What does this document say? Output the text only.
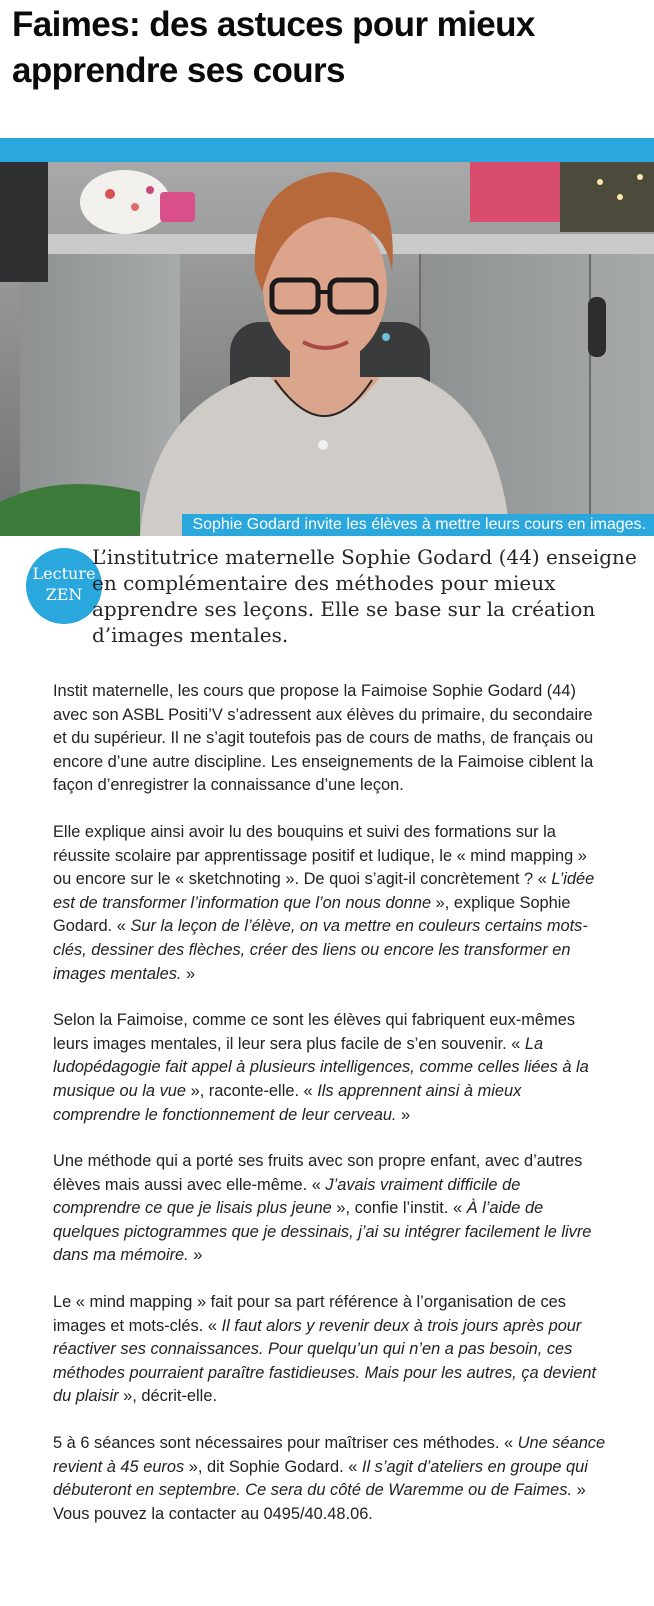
Faimes: des astuces pour mieux apprendre ses cours
Sophie Godard invite les élèves à mettre leurs cours en images.
Lecture
ZEN

L’institutrice maternelle Sophie Godard (44) enseigne en complémentaire des méthodes pour mieux apprendre ses leçons. Elle se base sur la création d’images mentales.

Instit maternelle, les cours que propose la Faimoise Sophie Godard (44) avec son ASBL Positi’V s’adressent aux élèves du primaire, du secondaire et du supérieur. Il ne s’agit toutefois pas de cours de maths, de français ou encore d’une autre discipline. Les enseignements de la Faimoise ciblent la façon d’enregistrer la connaissance d’une leçon.

Elle explique ainsi avoir lu des bouquins et suivi des formations sur la réussite scolaire par apprentissage positif et ludique, le « mind mapping » ou encore sur le « sketchnoting ». De quoi s’agit-il concrètement ? « L’idée est de transformer l’information que l’on nous donne », explique Sophie Godard. « Sur la leçon de l’élève, on va mettre en couleurs certains mots-clés, dessiner des flèches, créer des liens ou encore les transformer en images mentales. »

Selon la Faimoise, comme ce sont les élèves qui fabriquent eux-mêmes leurs images mentales, il leur sera plus facile de s’en souvenir. « La ludopédagogie fait appel à plusieurs intelligences, comme celles liées à la musique ou la vue », raconte-elle. « Ils apprennent ainsi à mieux comprendre le fonctionnement de leur cerveau. »

Une méthode qui a porté ses fruits avec son propre enfant, avec d’autres élèves mais aussi avec elle-même. « J’avais vraiment difficile de comprendre ce que je lisais plus jeune », confie l’instit. « À l’aide de quelques pictogrammes que je dessinais, j’ai su intégrer facilement le livre dans ma mémoire. »

Le « mind mapping » fait pour sa part référence à l’organisation de ces images et mots-clés. « Il faut alors y revenir deux à trois jours après pour réactiver ses connaissances. Pour quelqu’un qui n’en a pas besoin, ces méthodes pourraient paraître fastidieuses. Mais pour les autres, ça devient du plaisir », décrit-elle.

5 à 6 séances sont nécessaires pour maîtriser ces méthodes. « Une séance revient à 45 euros », dit Sophie Godard. « Il s’agit d’ateliers en groupe qui débuteront en septembre. Ce sera du côté de Waremme ou de Faimes. » Vous pouvez la contacter au 0495/40.48.06.
